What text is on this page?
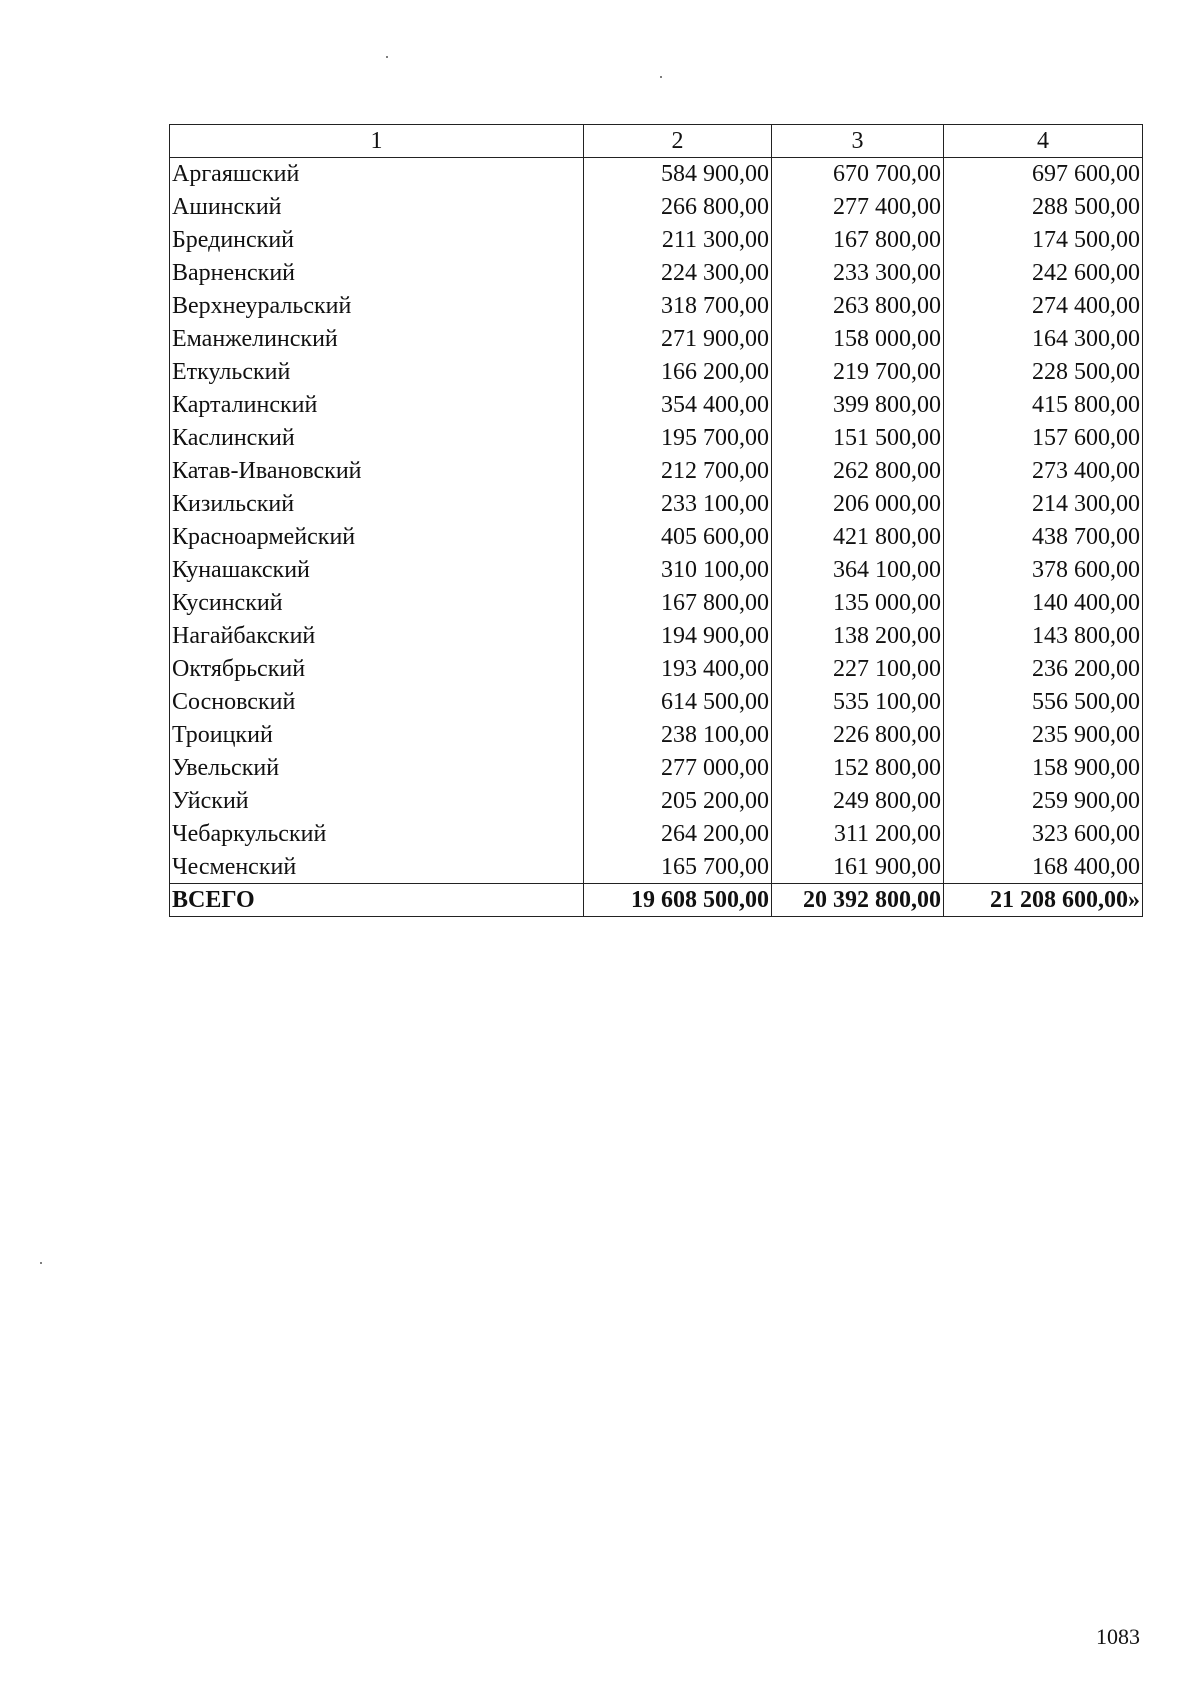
1	2	3	4
Аргаяшский	584 900,00	670 700,00	697 600,00
Ашинский	266 800,00	277 400,00	288 500,00
Брединский	211 300,00	167 800,00	174 500,00
Варненский	224 300,00	233 300,00	242 600,00
Верхнеуральский	318 700,00	263 800,00	274 400,00
Еманжелинский	271 900,00	158 000,00	164 300,00
Еткульский	166 200,00	219 700,00	228 500,00
Карталинский	354 400,00	399 800,00	415 800,00
Каслинский	195 700,00	151 500,00	157 600,00
Катав-Ивановский	212 700,00	262 800,00	273 400,00
Кизильский	233 100,00	206 000,00	214 300,00
Красноармейский	405 600,00	421 800,00	438 700,00
Кунашакский	310 100,00	364 100,00	378 600,00
Кусинский	167 800,00	135 000,00	140 400,00
Нагайбакский	194 900,00	138 200,00	143 800,00
Октябрьский	193 400,00	227 100,00	236 200,00
Сосновский	614 500,00	535 100,00	556 500,00
Троицкий	238 100,00	226 800,00	235 900,00
Увельский	277 000,00	152 800,00	158 900,00
Уйский	205 200,00	249 800,00	259 900,00
Чебаркульский	264 200,00	311 200,00	323 600,00
Чесменский	165 700,00	161 900,00	168 400,00
ВСЕГО	19 608 500,00	20 392 800,00	21 208 600,00»
1083
